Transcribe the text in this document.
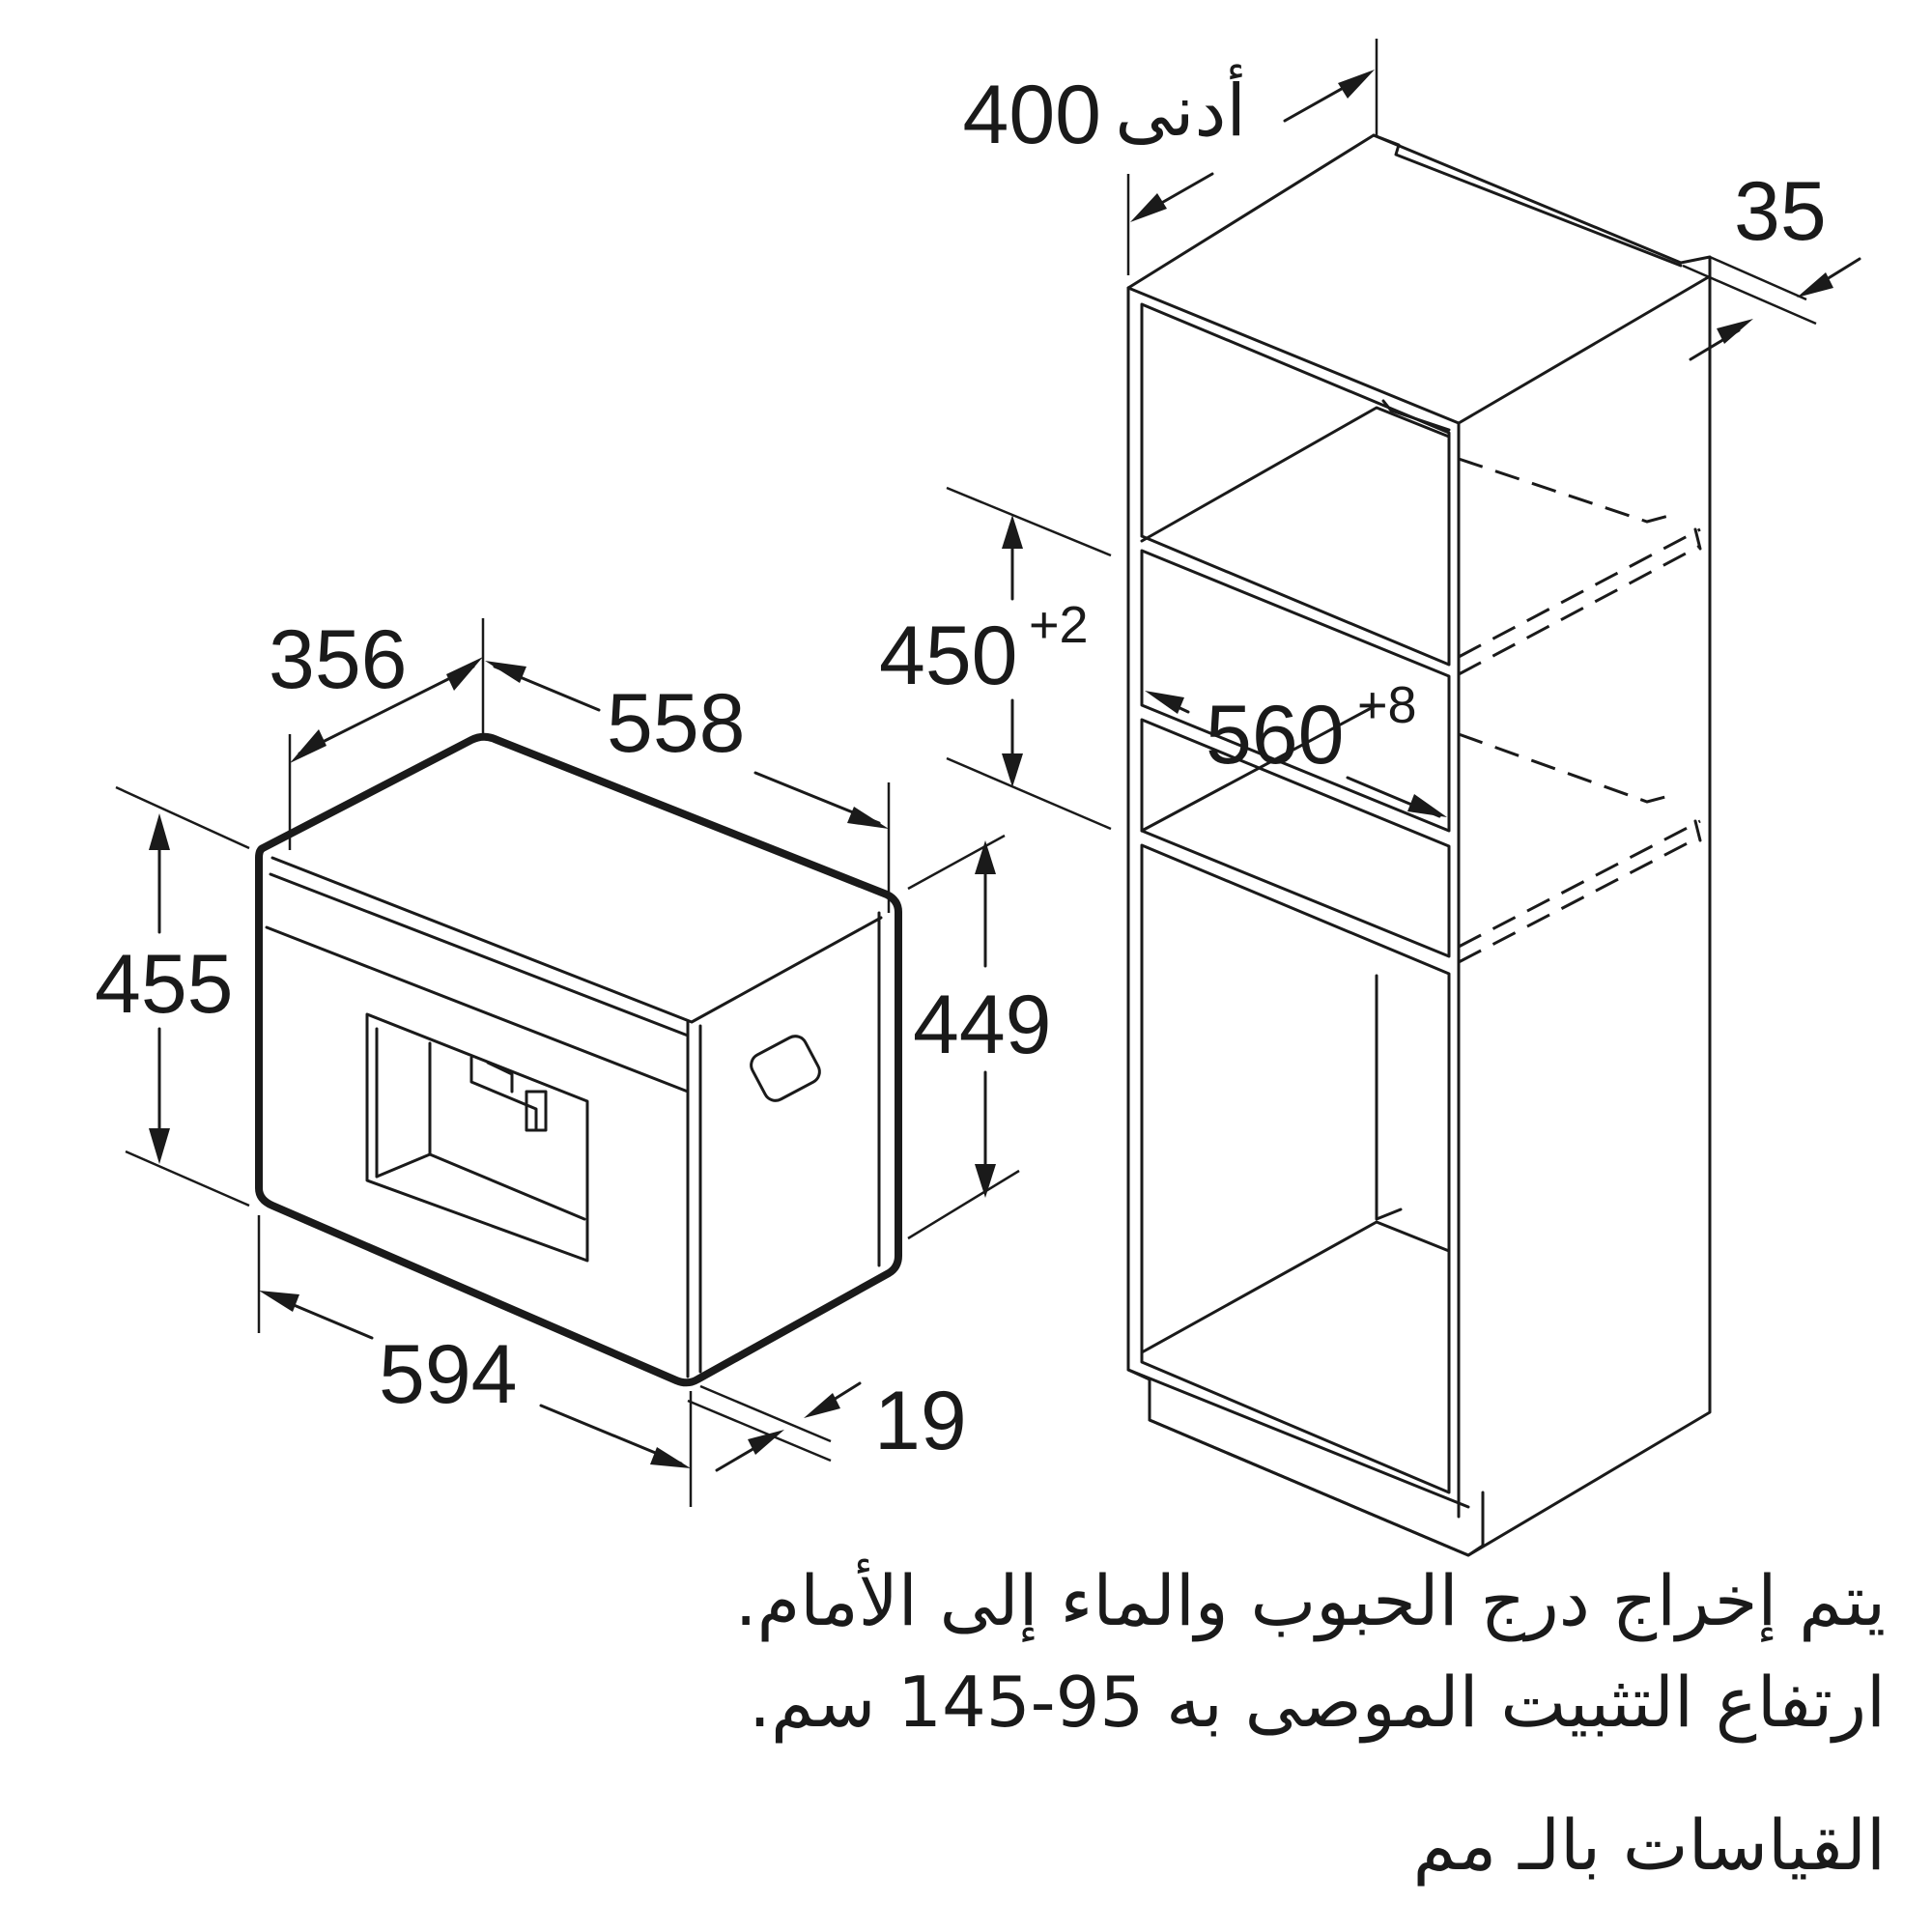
356
558
455	449
594	19
400 أدنى
35
450 +2
560 +8
يتم إخراج درج الحبوب والماء إلى الأمام.
ارتفاع التثبيت الموصى به 95-145 سم.
القياسات بالـ مم
